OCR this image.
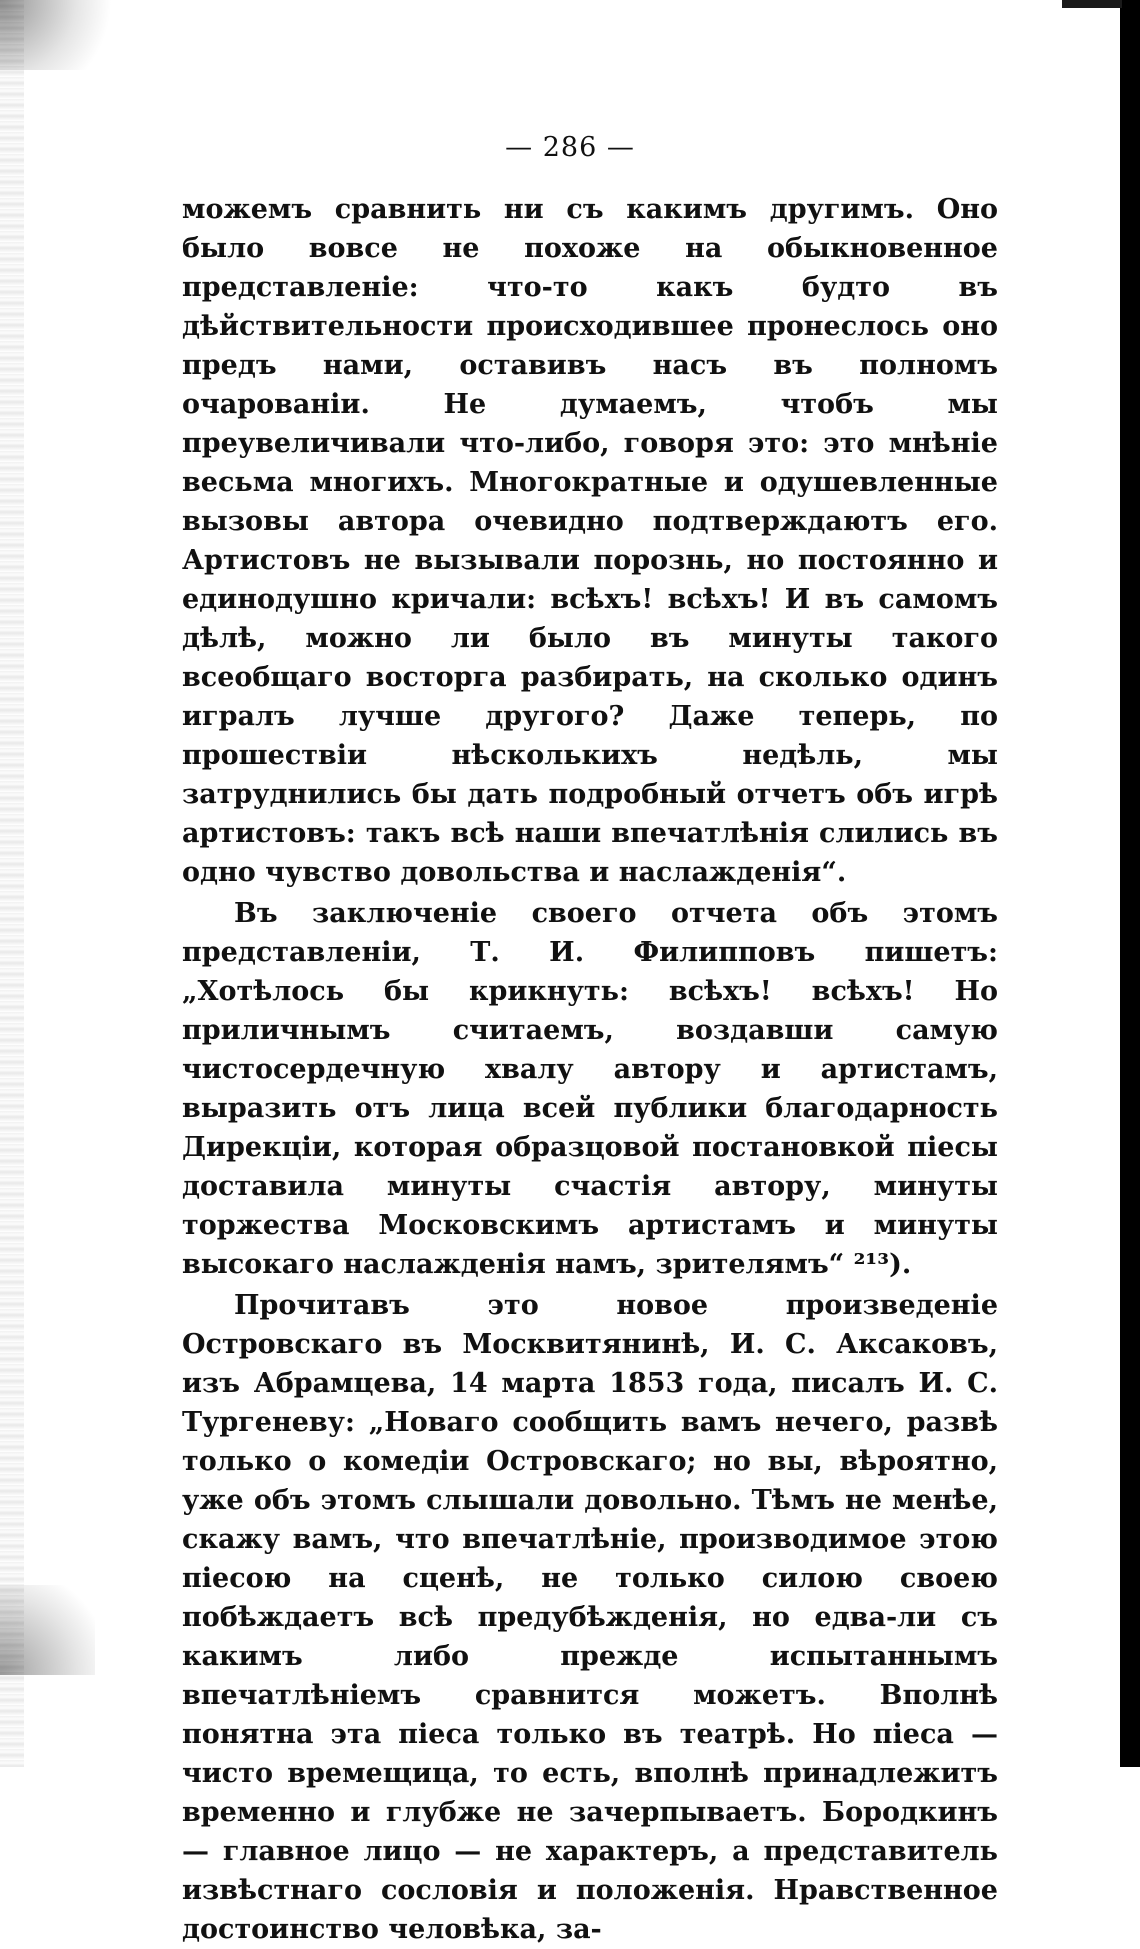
— 286 —

можемъ сравнить ни съ какимъ другимъ. Оно было вовсе не похоже на обыкновенное представленіе: что-то какъ будто въ дѣйствительности происходившее пронеслось оно предъ нами, оставивъ насъ въ полномъ очарованіи. Не думаемъ, чтобъ мы преувеличивали что-либо, говоря это: это мнѣніе весьма многихъ. Многократные и одушевленные вызовы автора очевидно подтверждаютъ его. Артистовъ не вызывали порознь, но постоянно и единодушно кричали: всѣхъ! всѣхъ! И въ самомъ дѣлѣ, можно ли было въ минуты такого всеобщаго восторга разбирать, на сколько одинъ игралъ лучше другого? Даже теперь, по прошествіи нѣсколькихъ недѣль, мы затруднились бы дать подробный отчетъ объ игрѣ артистовъ: такъ всѣ наши впечатлѣнія слились въ одно чувство довольства и наслажденія“.

Въ заключеніе своего отчета объ этомъ представленіи, Т. И. Филипповъ пишетъ: „Хотѣлось бы крикнуть: всѣхъ! всѣхъ! Но приличнымъ считаемъ, воздавши самую чистосердечную хвалу автору и артистамъ, выразить отъ лица всей публики благодарность Дирекціи, которая образцовой постановкой піесы доставила минуты счастія автору, минуты торжества Московскимъ артистамъ и минуты высокаго наслажденія намъ, зрителямъ“ ²¹³).

Прочитавъ это новое произведеніе Островскаго въ Москвитянинѣ, И. С. Аксаковъ, изъ Абрамцева, 14 марта 1853 года, писалъ И. С. Тургеневу: „Новаго сообщить вамъ нечего, развѣ только о комедіи Островскаго; но вы, вѣроятно, уже объ этомъ слышали довольно. Тѣмъ не менѣе, скажу вамъ, что впечатлѣніе, производимое этою піесою на сценѣ, не только силою своею побѣждаетъ всѣ предубѣжденія, но едва-ли съ какимъ либо прежде испытаннымъ впечатлѣніемъ сравнится можетъ. Вполнѣ понятна эта піеса только въ театрѣ. Но піеса — чисто времещица, то есть, вполнѣ принадлежитъ временно и глубже не зачерпываетъ. Бородкинъ — главное лицо — не характеръ, а представитель извѣстнаго сословія и положенія. Нравственное достоинство человѣка, за-
